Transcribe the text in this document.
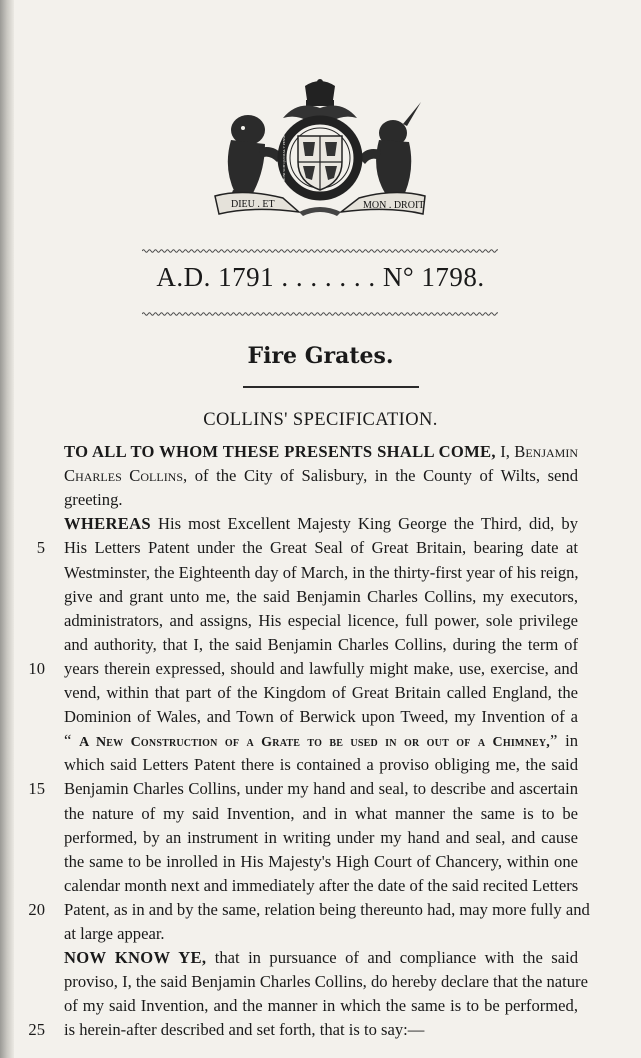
DIEU . ET	MON . DROIT
HONI SOIT QUI MAL Y PENSE
A.D. 1791 . . . . . . . N° 1798.
Fire Grates.
COLLINS' SPECIFICATION.
TO ALL TO WHOM THESE PRESENTS SHALL COME, I, Benjamin
Charles Collins, of the City of Salisbury, in the County of Wilts, send
greeting.
WHEREAS His most Excellent Majesty King George the Third, did, by
5 His Letters Patent under the Great Seal of Great Britain, bearing date at
Westminster, the Eighteenth day of March, in the thirty-first year of his reign,
give and grant unto me, the said Benjamin Charles Collins, my executors,
administrators, and assigns, His especial licence, full power, sole privilege
and authority, that I, the said Benjamin Charles Collins, during the term of
10 years therein expressed, should and lawfully might make, use, exercise, and
vend, within that part of the Kingdom of Great Britain called England, the
Dominion of Wales, and Town of Berwick upon Tweed, my Invention of a
“ A New Construction of a Grate to be used in or out of a Chimney,” in
which said Letters Patent there is contained a proviso obliging me, the said
15 Benjamin Charles Collins, under my hand and seal, to describe and ascertain
the nature of my said Invention, and in what manner the same is to be
performed, by an instrument in writing under my hand and seal, and cause
the same to be inrolled in His Majesty's High Court of Chancery, within one
calendar month next and immediately after the date of the said recited Letters
20 Patent, as in and by the same, relation being thereunto had, may more fully and
at large appear.
NOW KNOW YE, that in pursuance of and compliance with the said
proviso, I, the said Benjamin Charles Collins, do hereby declare that the nature
of my said Invention, and the manner in which the same is to be performed,
25 is herein-after described and set forth, that is to say:—
